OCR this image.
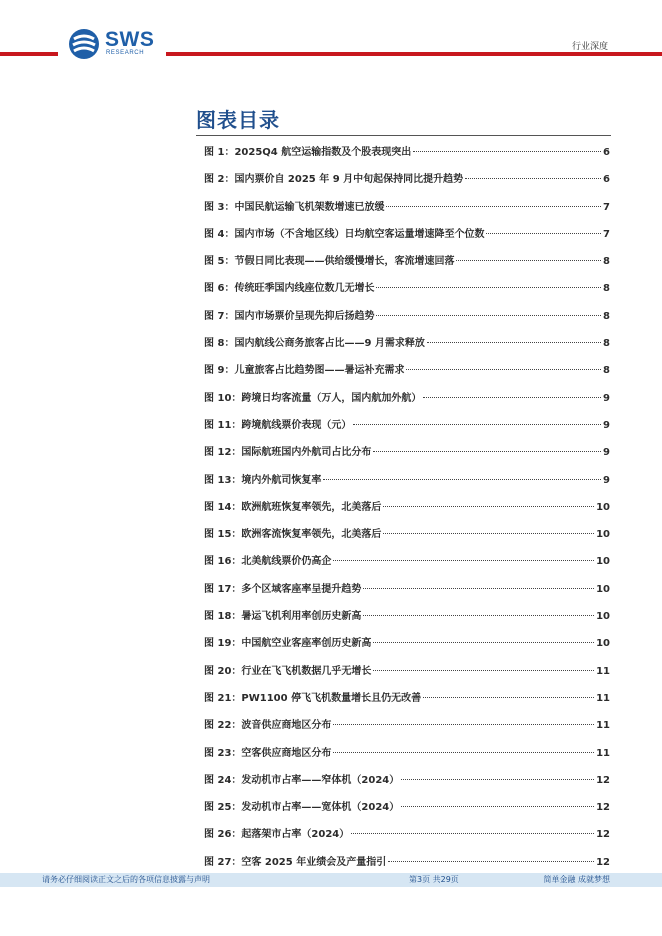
SWS
RESEARCH
行业深度
图表目录
图 1：2025Q4 航空运输指数及个股表现突出	6
图 2：国内票价自 2025 年 9 月中旬起保持同比提升趋势	6
图 3：中国民航运输飞机架数增速已放缓	7
图 4：国内市场（不含地区线）日均航空客运量增速降至个位数	7
图 5：节假日同比表现——供给缓慢增长，客流增速回落	8
图 6：传统旺季国内线座位数几无增长	8
图 7：国内市场票价呈现先抑后扬趋势	8
图 8：国内航线公商务旅客占比——9 月需求释放	8
图 9：儿童旅客占比趋势图——暑运补充需求	8
图 10：跨境日均客流量（万人，国内航加外航）	9
图 11：跨境航线票价表现（元）	9
图 12：国际航班国内外航司占比分布	9
图 13：境内外航司恢复率	9
图 14：欧洲航班恢复率领先，北美落后	10
图 15：欧洲客流恢复率领先，北美落后	10
图 16：北美航线票价仍高企	10
图 17：多个区域客座率呈提升趋势	10
图 18：暑运飞机利用率创历史新高	10
图 19：中国航空业客座率创历史新高	10
图 20：行业在飞飞机数据几乎无增长	11
图 21：PW1100 停飞飞机数量增长且仍无改善	11
图 22：波音供应商地区分布	11
图 23：空客供应商地区分布	11
图 24：发动机市占率——窄体机（2024）	12
图 25：发动机市占率——宽体机（2024）	12
图 26：起落架市占率（2024）	12
图 27：空客 2025 年业绩会及产量指引	12
请务必仔细阅读正文之后的各项信息披露与声明	第3页 共29页	简单金融 成就梦想
